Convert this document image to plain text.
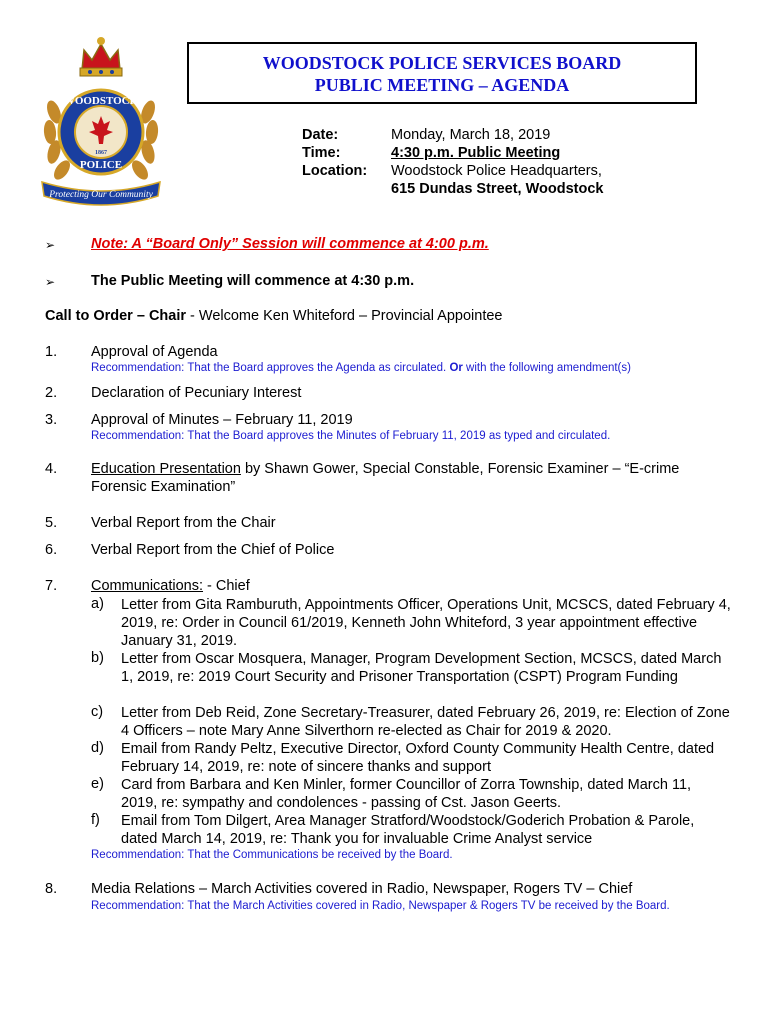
WOODSTOCK
1867
POLICE
Protecting Our Community
WOODSTOCK POLICE SERVICES BOARD
PUBLIC MEETING – AGENDA
Date:	Monday, March 18, 2019
Time:	4:30 p.m. Public Meeting
Location: Woodstock Police Headquarters,
615 Dundas Street, Woodstock
➢ Note: A “Board Only” Session will commence at 4:00 p.m.
➢ The Public Meeting will commence at 4:30 p.m.
Call to Order – Chair - Welcome Ken Whiteford – Provincial Appointee
1. Approval of Agenda
Recommendation: That the Board approves the Agenda as circulated. Or with the following amendment(s)
2. Declaration of Pecuniary Interest
3. Approval of Minutes – February 11, 2019
Recommendation: That the Board approves the Minutes of February 11, 2019 as typed and circulated.
4. Education Presentation by Shawn Gower, Special Constable, Forensic Examiner – “E-crime
Forensic Examination”
5. Verbal Report from the Chair
6. Verbal Report from the Chief of Police
7. Communications: - Chief
a)	Letter from Gita Ramburuth, Appointments Officer, Operations Unit, MCSCS, dated February 4, 2019, re: Order in Council 61/2019, Kenneth John Whiteford, 3 year appointment effective January 31, 2019.
b)	Letter from Oscar Mosquera, Manager, Program Development Section, MCSCS, dated March 1, 2019, re: 2019 Court Security and Prisoner Transportation (CSPT) Program Funding
c)	Letter from Deb Reid, Zone Secretary-Treasurer, dated February 26, 2019, re: Election of Zone 4 Officers – note Mary Anne Silverthorn re-elected as Chair for 2019 & 2020.
d)	Email from Randy Peltz, Executive Director, Oxford County Community Health Centre, dated February 14, 2019, re: note of sincere thanks and support
e)	Card from Barbara and Ken Minler, former Councillor of Zorra Township, dated March 11, 2019, re: sympathy and condolences - passing of Cst. Jason Geerts.
f)	Email from Tom Dilgert, Area Manager Stratford/Woodstock/Goderich Probation & Parole, dated March 14, 2019, re: Thank you for invaluable Crime Analyst service
Recommendation: That the Communications be received by the Board.
8. Media Relations – March Activities covered in Radio, Newspaper, Rogers TV – Chief
Recommendation: That the March Activities covered in Radio, Newspaper & Rogers TV be received by the Board.
